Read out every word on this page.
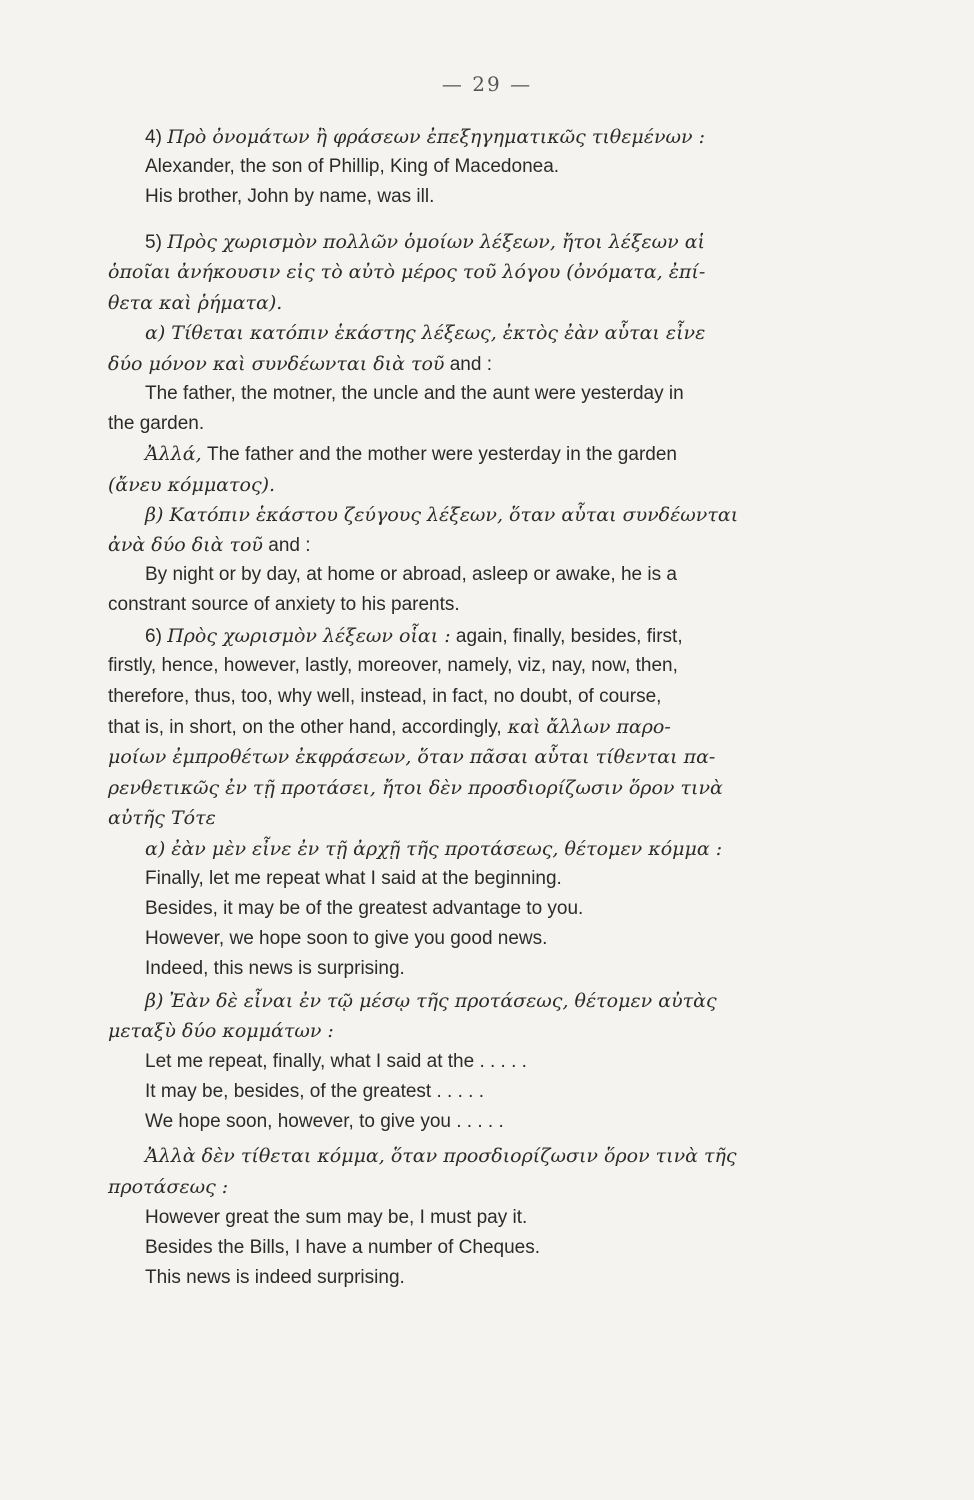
— 29 —
4) Πρὸ ὀνομάτων ἢ φράσεων ἐπεξηγηματικῶς τιθεμένων :
Alexander, the son of Phillip, King of Macedonea.
His brother, John by name, was ill.
5) Πρὸς χωρισμὸν πολλῶν ὁμοίων λέξεων, ἤτοι λέξεων αἱ
ὁποῖαι ἀνήκουσιν εἰς τὸ αὐτὸ μέρος τοῦ λόγου (ὀνόματα, ἐπί-
θετα καὶ ῥήματα).
α) Τίθεται κατόπιν ἑκάστης λέξεως, ἐκτὸς ἐὰν αὗται εἶνε
δύο μόνον καὶ συνδέωνται διὰ τοῦ and :
The father, the motner, the uncle and the aunt were yesterday in
the garden.
Ἀλλά, The father and the mother were yesterday in the garden
(ἄνευ κόμματος).
β) Κατόπιν ἑκάστου ζεύγους λέξεων, ὅταν αὗται συνδέωνται
ἀνὰ δύο διὰ τοῦ and :
By night or by day, at home or abroad, asleep or awake, he is a
constrant source of anxiety to his parents.
6) Πρὸς χωρισμὸν λέξεων οἷαι : again, finally, besides, first,
firstly, hence, however, lastly, moreover, namely, viz, nay, now, then,
therefore, thus, too, why well, instead, in fact, no doubt, of course,
that is, in short, on the other hand, accordingly, καὶ ἄλλων παρο-
μοίων ἐμπροθέτων ἐκφράσεων, ὅταν πᾶσαι αὗται τίθενται πα-
ρενθετικῶς ἐν τῇ προτάσει, ἤτοι δὲν προσδιορίζωσιν ὅρον τινὰ
αὐτῆς Τότε
α) ἐὰν μὲν εἶνε ἐν τῇ ἀρχῇ τῆς προτάσεως, θέτομεν κόμμα :
Finally, let me repeat what I said at the beginning.
Besides, it may be of the greatest advantage to you.
However, we hope soon to give you good news.
Indeed, this news is surprising.
β) Ἐὰν δὲ εἶναι ἐν τῷ μέσῳ τῆς προτάσεως, θέτομεν αὐτὰς
μεταξὺ δύο κομμάτων :
Let me repeat, finally, what I said at the . . . . .
It may be, besides, of the greatest . . . . .
We hope soon, however, to give you . . . . .
Ἀλλὰ δὲν τίθεται κόμμα, ὅταν προσδιορίζωσιν ὅρον τινὰ τῆς
προτάσεως :
However great the sum may be, I must pay it.
Besides the Bills, I have a number of Cheques.
This news is indeed surprising.
